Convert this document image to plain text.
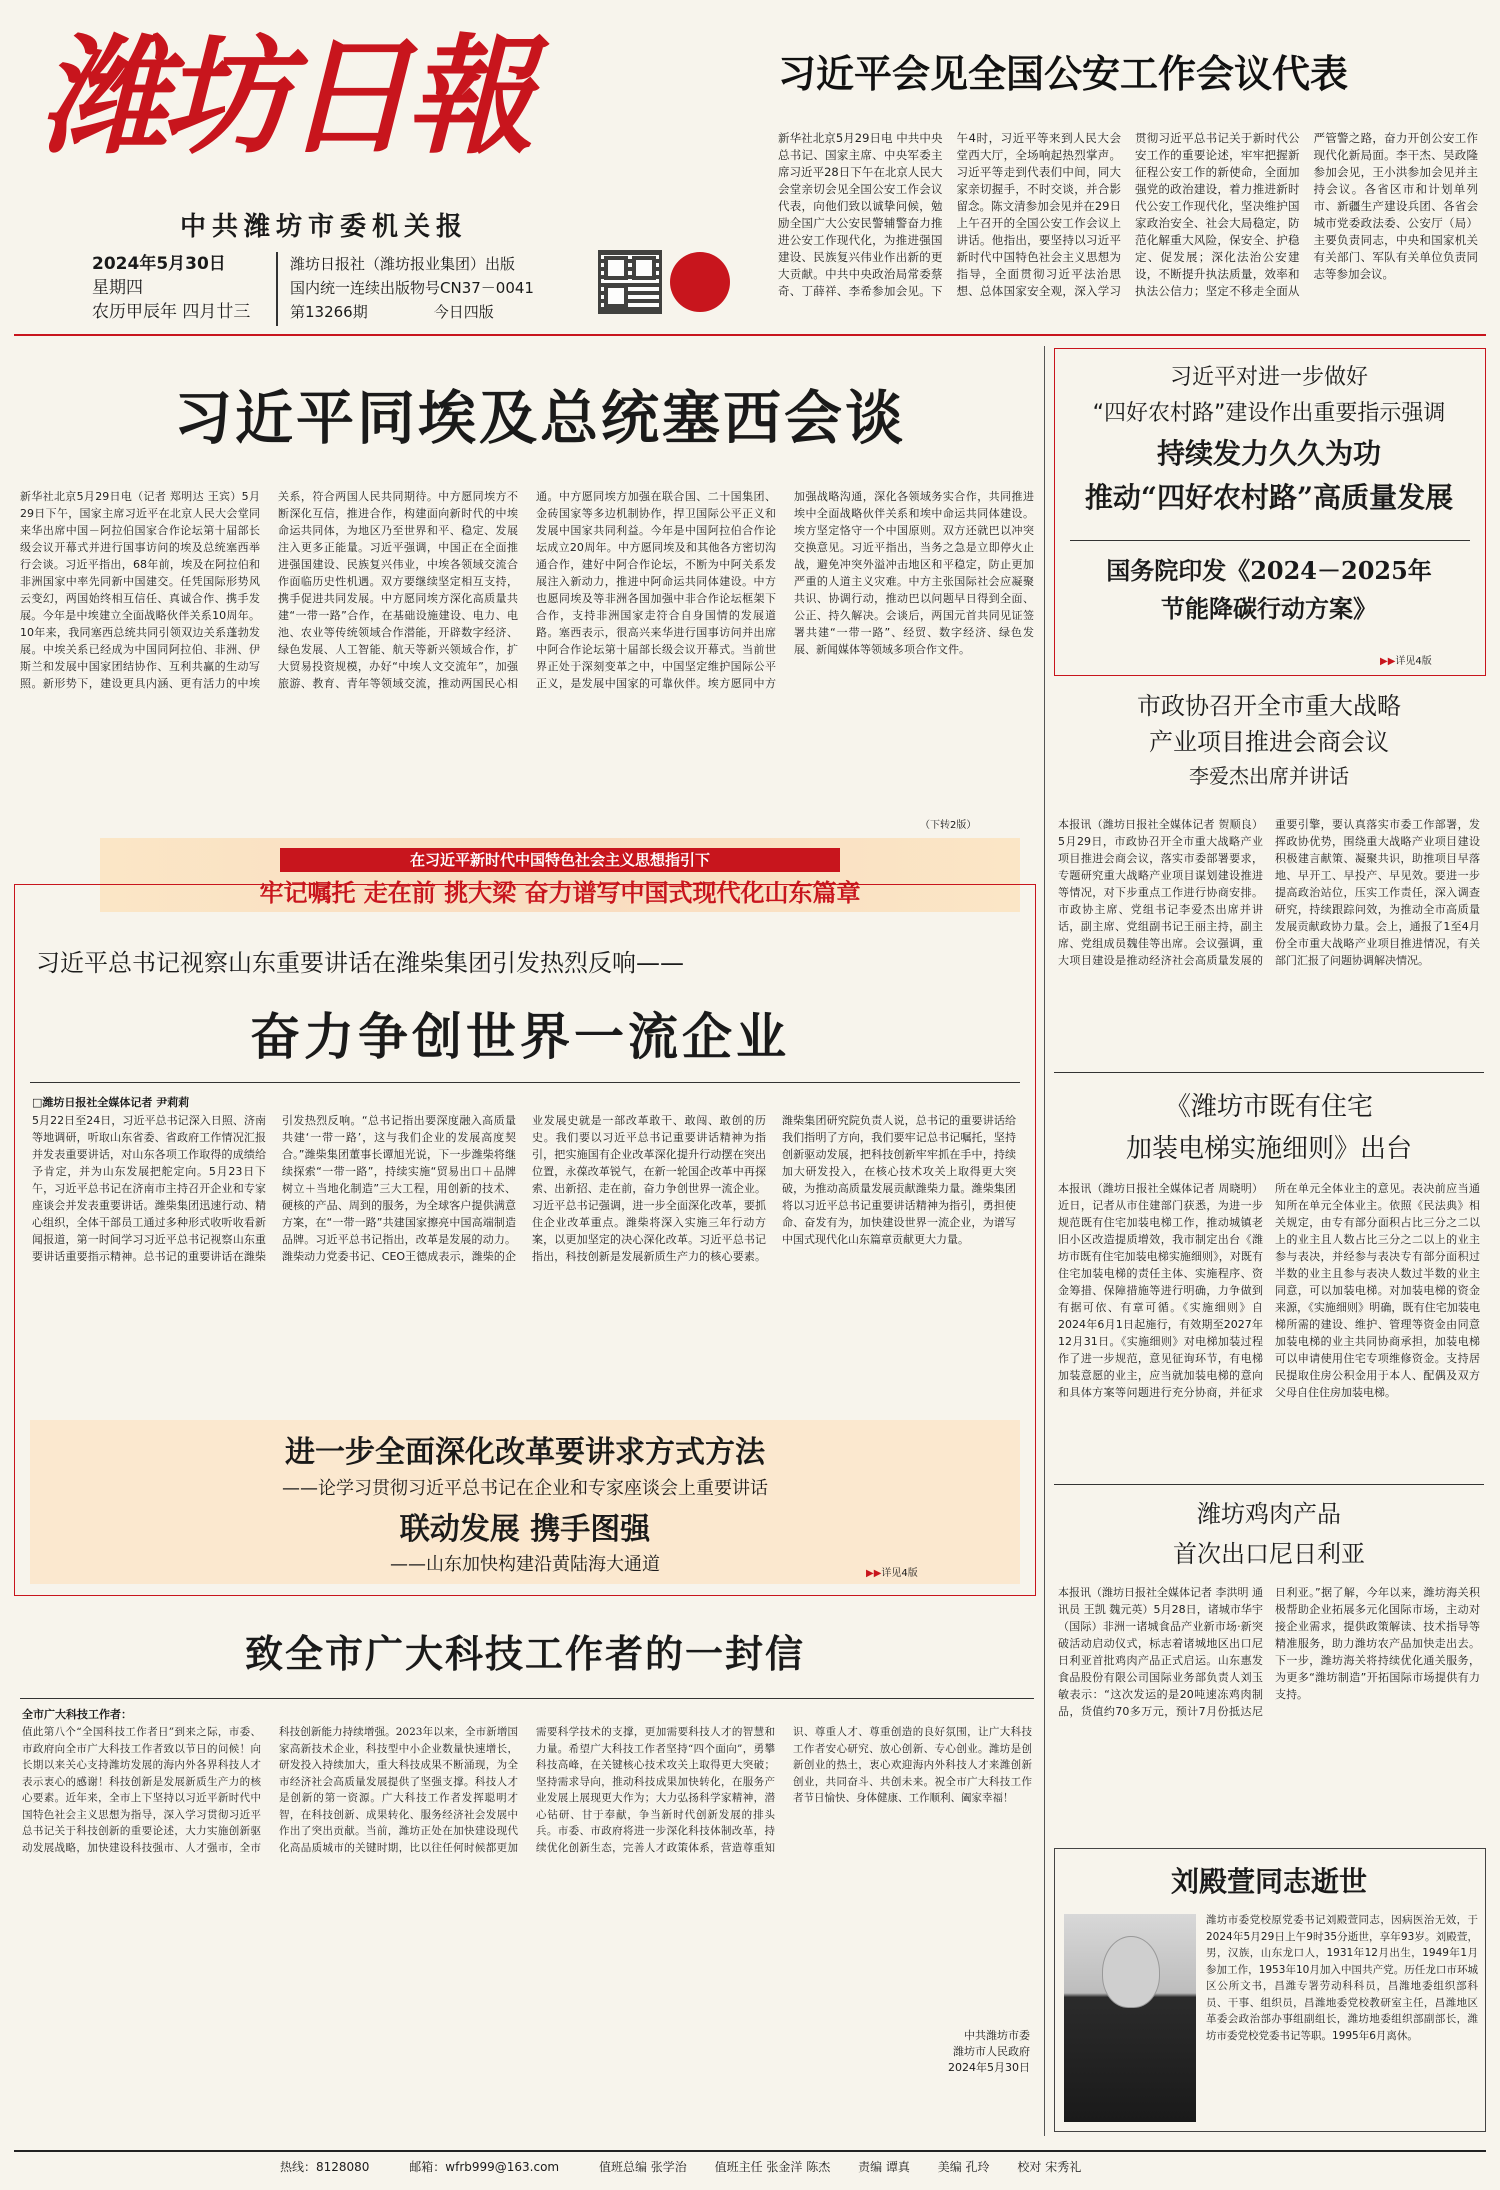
潍坊日報
中共潍坊市委机关报
2024年5月30日
星期四
农历甲辰年 四月廿三
潍坊日报社（潍坊报业集团）出版
国内统一连续出版物号CN37－0041
第13266期	今日四版
习近平会见全国公安工作会议代表
新华社北京5月29日电 中共中央总书记、国家主席、中央军委主席习近平28日下午在北京人民大会堂亲切会见全国公安工作会议代表，向他们致以诚挚问候，勉励全国广大公安民警辅警奋力推进公安工作现代化，为推进强国建设、民族复兴伟业作出新的更大贡献。中共中央政治局常委蔡奇、丁薛祥、李希参加会见。下午4时，习近平等来到人民大会堂西大厅，全场响起热烈掌声。习近平等走到代表们中间，同大家亲切握手，不时交谈，并合影留念。陈文清参加会见并在29日上午召开的全国公安工作会议上讲话。他指出，要坚持以习近平新时代中国特色社会主义思想为指导，全面贯彻习近平法治思想、总体国家安全观，深入学习贯彻习近平总书记关于新时代公安工作的重要论述，牢牢把握新征程公安工作的新使命，全面加强党的政治建设，着力推进新时代公安工作现代化，坚决维护国家政治安全、社会大局稳定，防范化解重大风险，保安全、护稳定、促发展；深化法治公安建设，不断提升执法质量，效率和执法公信力；坚定不移走全面从严管警之路，奋力开创公安工作现代化新局面。李干杰、吴政隆参加会见，王小洪参加会见并主持会议。各省区市和计划单列市、新疆生产建设兵团、各省会城市党委政法委、公安厅（局）主要负责同志，中央和国家机关有关部门、军队有关单位负责同志等参加会议。
习近平同埃及总统塞西会谈
新华社北京5月29日电（记者 郑明达 王宾）5月29日下午，国家主席习近平在北京人民大会堂同来华出席中国－阿拉伯国家合作论坛第十届部长级会议开幕式并进行国事访问的埃及总统塞西举行会谈。习近平指出，68年前，埃及在阿拉伯和非洲国家中率先同新中国建交。任凭国际形势风云变幻，两国始终相互信任、真诚合作、携手发展。今年是中埃建立全面战略伙伴关系10周年。10年来，我同塞西总统共同引领双边关系蓬勃发展。中埃关系已经成为中国同阿拉伯、非洲、伊斯兰和发展中国家团结协作、互利共赢的生动写照。新形势下，建设更具内涵、更有活力的中埃关系，符合两国人民共同期待。中方愿同埃方不断深化互信，推进合作，构建面向新时代的中埃命运共同体，为地区乃至世界和平、稳定、发展注入更多正能量。习近平强调，中国正在全面推进强国建设、民族复兴伟业，中埃各领域交流合作面临历史性机遇。双方要继续坚定相互支持，携手促进共同发展。中方愿同埃方深化高质量共建“一带一路”合作，在基础设施建设、电力、电池、农业等传统领域合作潜能，开辟数字经济、绿色发展、人工智能、航天等新兴领域合作，扩大贸易投资规模，办好“中埃人文交流年”，加强旅游、教育、青年等领域交流，推动两国民心相通。中方愿同埃方加强在联合国、二十国集团、金砖国家等多边机制协作，捍卫国际公平正义和发展中国家共同利益。今年是中国阿拉伯合作论坛成立20周年。中方愿同埃及和其他各方密切沟通合作，建好中阿合作论坛，不断为中阿关系发展注入新动力，推进中阿命运共同体建设。中方也愿同埃及等非洲各国加强中非合作论坛框架下合作，支持非洲国家走符合自身国情的发展道路。塞西表示，很高兴来华进行国事访问并出席中阿合作论坛第十届部长级会议开幕式。当前世界正处于深刻变革之中，中国坚定维护国际公平正义，是发展中国家的可靠伙伴。埃方愿同中方加强战略沟通，深化各领域务实合作，共同推进埃中全面战略伙伴关系和埃中命运共同体建设。埃方坚定恪守一个中国原则。双方还就巴以冲突交换意见。习近平指出，当务之急是立即停火止战，避免冲突外溢冲击地区和平稳定，防止更加严重的人道主义灾难。中方主张国际社会应凝聚共识、协调行动，推动巴以问题早日得到全面、公正、持久解决。会谈后，两国元首共同见证签署共建“一带一路”、经贸、数字经济、绿色发展、新闻媒体等领域多项合作文件。
（下转2版）
在习近平新时代中国特色社会主义思想指引下
牢记嘱托 走在前 挑大梁 奋力谱写中国式现代化山东篇章
习近平总书记视察山东重要讲话在潍柴集团引发热烈反响——
奋力争创世界一流企业
□潍坊日报社全媒体记者 尹莉莉
5月22日至24日，习近平总书记深入日照、济南等地调研，听取山东省委、省政府工作情况汇报并发表重要讲话，对山东各项工作取得的成绩给予肯定，并为山东发展把舵定向。5月23日下午，习近平总书记在济南市主持召开企业和专家座谈会并发表重要讲话。潍柴集团迅速行动、精心组织，全体干部员工通过多种形式收听收看新闻报道，第一时间学习习近平总书记视察山东重要讲话重要指示精神。总书记的重要讲话在潍柴引发热烈反响。“总书记指出要深度融入高质量共建‘一带一路’，这与我们企业的发展高度契合。”潍柴集团董事长谭旭光说，下一步潍柴将继续探索“一带一路”，持续实施“贸易出口＋品牌树立＋当地化制造”三大工程，用创新的技术、硬核的产品、周到的服务，为全球客户提供满意方案，在“一带一路”共建国家擦亮中国高端制造品牌。习近平总书记指出，改革是发展的动力。潍柴动力党委书记、CEO王德成表示，潍柴的企业发展史就是一部改革敢干、敢闯、敢创的历史。我们要以习近平总书记重要讲话精神为指引，把实施国有企业改革深化提升行动摆在突出位置，永葆改革锐气，在新一轮国企改革中再探索、出新招、走在前，奋力争创世界一流企业。习近平总书记强调，进一步全面深化改革，要抓住企业改革重点。潍柴将深入实施三年行动方案，以更加坚定的决心深化改革。习近平总书记指出，科技创新是发展新质生产力的核心要素。潍柴集团研究院负责人说，总书记的重要讲话给我们指明了方向，我们要牢记总书记嘱托，坚持创新驱动发展，把科技创新牢牢抓在手中，持续加大研发投入，在核心技术攻关上取得更大突破，为推动高质量发展贡献潍柴力量。潍柴集团将以习近平总书记重要讲话精神为指引，勇担使命、奋发有为，加快建设世界一流企业，为谱写中国式现代化山东篇章贡献更大力量。
进一步全面深化改革要讲求方式方法
——论学习贯彻习近平总书记在企业和专家座谈会上重要讲话
联动发展 携手图强
——山东加快构建沿黄陆海大通道	▶▶详见4版
致全市广大科技工作者的一封信
全市广大科技工作者：
值此第八个“全国科技工作者日”到来之际，市委、市政府向全市广大科技工作者致以节日的问候！向长期以来关心支持潍坊发展的海内外各界科技人才表示衷心的感谢！科技创新是发展新质生产力的核心要素。近年来，全市上下坚持以习近平新时代中国特色社会主义思想为指导，深入学习贯彻习近平总书记关于科技创新的重要论述，大力实施创新驱动发展战略，加快建设科技强市、人才强市，全市科技创新能力持续增强。2023年以来，全市新增国家高新技术企业，科技型中小企业数量快速增长，研发投入持续加大，重大科技成果不断涌现，为全市经济社会高质量发展提供了坚强支撑。科技人才是创新的第一资源。广大科技工作者发挥聪明才智，在科技创新、成果转化、服务经济社会发展中作出了突出贡献。当前，潍坊正处在加快建设现代化高品质城市的关键时期，比以往任何时候都更加需要科学技术的支撑，更加需要科技人才的智慧和力量。希望广大科技工作者坚持“四个面向”，勇攀科技高峰，在关键核心技术攻关上取得更大突破；坚持需求导向，推动科技成果加快转化，在服务产业发展上展现更大作为；大力弘扬科学家精神，潜心钻研、甘于奉献，争当新时代创新发展的排头兵。市委、市政府将进一步深化科技体制改革，持续优化创新生态，完善人才政策体系，营造尊重知识、尊重人才、尊重创造的良好氛围，让广大科技工作者安心研究、放心创新、专心创业。潍坊是创新创业的热土，衷心欢迎海内外科技人才来潍创新创业，共同奋斗、共创未来。祝全市广大科技工作者节日愉快、身体健康、工作顺利、阖家幸福！
中共潍坊市委
潍坊市人民政府
2024年5月30日
习近平对进一步做好
“四好农村路”建设作出重要指示强调
持续发力久久为功
推动“四好农村路”高质量发展
国务院印发《2024－2025年
节能降碳行动方案》
▶▶详见4版
市政协召开全市重大战略
产业项目推进会商会议
李爱杰出席并讲话
本报讯（潍坊日报社全媒体记者 贺顺良）5月29日，市政协召开全市重大战略产业项目推进会商会议，落实市委部署要求，专题研究重大战略产业项目谋划建设推进等情况，对下步重点工作进行协商安排。市政协主席、党组书记李爱杰出席并讲话，副主席、党组副书记王丽主持，副主席、党组成员魏佳等出席。会议强调，重大项目建设是推动经济社会高质量发展的重要引擎，要认真落实市委工作部署，发挥政协优势，围绕重大战略产业项目建设积极建言献策、凝聚共识，助推项目早落地、早开工、早投产、早见效。要进一步提高政治站位，压实工作责任，深入调查研究，持续跟踪问效，为推动全市高质量发展贡献政协力量。会上，通报了1至4月份全市重大战略产业项目推进情况，有关部门汇报了问题协调解决情况。
《潍坊市既有住宅
加装电梯实施细则》出台
本报讯（潍坊日报社全媒体记者 周晓明）近日，记者从市住建部门获悉，为进一步规范既有住宅加装电梯工作，推动城镇老旧小区改造提质增效，我市制定出台《潍坊市既有住宅加装电梯实施细则》，对既有住宅加装电梯的责任主体、实施程序、资金筹措、保障措施等进行明确，力争做到有据可依、有章可循。《实施细则》自2024年6月1日起施行，有效期至2027年12月31日。《实施细则》对电梯加装过程作了进一步规范，意见征询环节，有电梯加装意愿的业主，应当就加装电梯的意向和具体方案等问题进行充分协商，并征求所在单元全体业主的意见。表决前应当通知所在单元全体业主。依照《民法典》相关规定，由专有部分面积占比三分之二以上的业主且人数占比三分之二以上的业主参与表决，并经参与表决专有部分面积过半数的业主且参与表决人数过半数的业主同意，可以加装电梯。对加装电梯的资金来源，《实施细则》明确，既有住宅加装电梯所需的建设、维护、管理等资金由同意加装电梯的业主共同协商承担，加装电梯可以申请使用住宅专项维修资金。支持居民提取住房公积金用于本人、配偶及双方父母自住住房加装电梯。
潍坊鸡肉产品
首次出口尼日利亚
本报讯（潍坊日报社全媒体记者 李洪明 通讯员 王凯 魏元英）5月28日，诸城市华宇（国际）非洲一诸城食品产业新市场·新突破活动启动仪式，标志着诸城地区出口尼日利亚首批鸡肉产品正式启运。山东惠发食品股份有限公司国际业务部负责人刘玉敏表示：“这次发运的是20吨速冻鸡肉制品，货值约70多万元，预计7月份抵达尼日利亚。”据了解，今年以来，潍坊海关积极帮助企业拓展多元化国际市场，主动对接企业需求，提供政策解读、技术指导等精准服务，助力潍坊农产品加快走出去。下一步，潍坊海关将持续优化通关服务，为更多“潍坊制造”开拓国际市场提供有力支持。
刘殿萱同志逝世
潍坊市委党校原党委书记刘殿萱同志，因病医治无效，于2024年5月29日上午9时35分逝世，享年93岁。刘殿萱，男，汉族，山东龙口人，1931年12月出生，1949年1月参加工作，1953年10月加入中国共产党。历任龙口市环城区公所文书，昌潍专署劳动科科员，昌潍地委组织部科员、干事、组织员，昌潍地委党校教研室主任，昌潍地区革委会政治部办事组副组长，潍坊地委组织部副部长，潍坊市委党校党委书记等职。1995年6月离休。
热线：8128080	邮箱：wfrb999@163.com	值班总编 张学治 值班主任 张金洋 陈杰 责编 谭真 美编 孔玲 校对 宋秀礼
